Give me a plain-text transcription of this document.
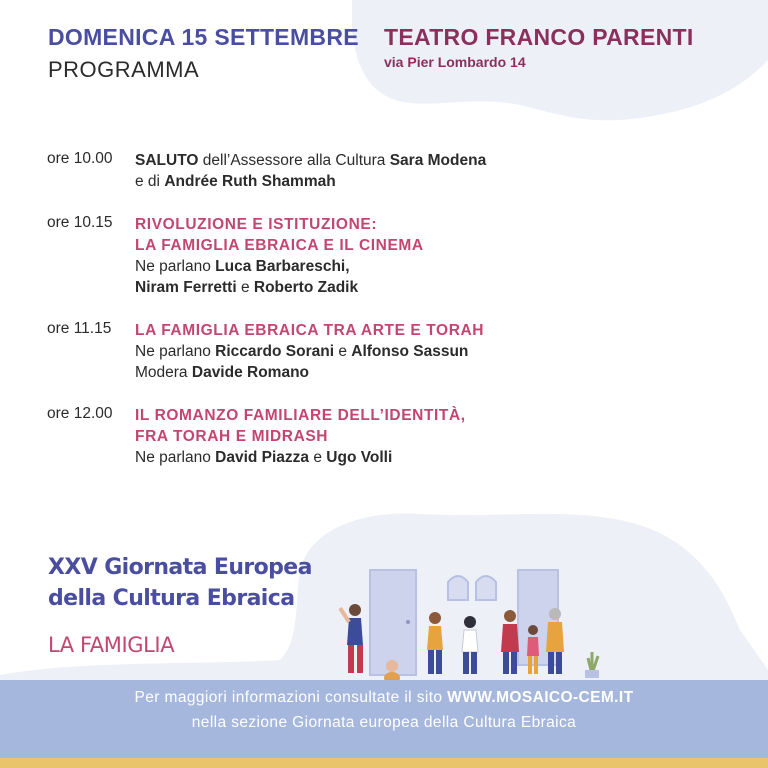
DOMENICA 15 SETTEMBRE
PROGRAMMA
TEATRO FRANCO PARENTI
via Pier Lombardo 14
ore 10.00 SALUTO dell’Assessore alla Cultura Sara Modena
e di Andrée Ruth Shammah
ore 10.15 RIVOLUZIONE E ISTITUZIONE:
LA FAMIGLIA EBRAICA E IL CINEMA
Ne parlano Luca Barbareschi,
Niram Ferretti e Roberto Zadik
ore 11.15 LA FAMIGLIA EBRAICA TRA ARTE E TORAH
Ne parlano Riccardo Sorani e Alfonso Sassun
Modera Davide Romano
ore 12.00 IL ROMANZO FAMILIARE DELL’IDENTITÀ,
FRA TORAH E MIDRASH
Ne parlano David Piazza e Ugo Volli
XXV Giornata Europea
della Cultura Ebraica
LA FAMIGLIA
Per maggiori informazioni consultate il sito WWW.MOSAICO-CEM.IT
nella sezione Giornata europea della Cultura Ebraica
